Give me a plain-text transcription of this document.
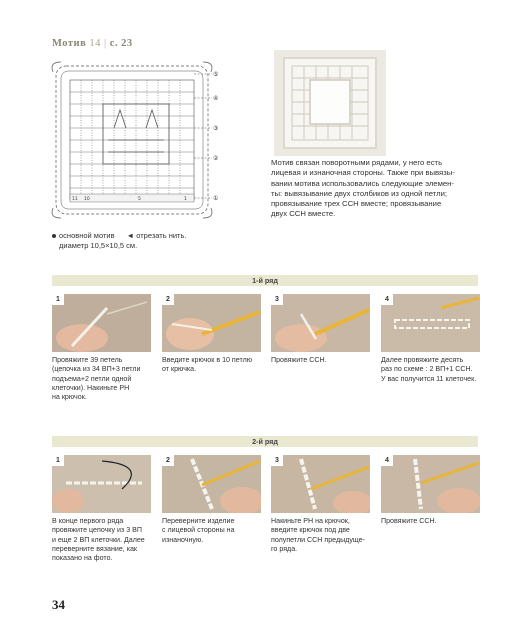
Мотив 14 | с. 23
⑤
④
③
②
①
11 10	5	1
основной мотив ◄ отрезать нить.
диаметр 10,5×10,5 см.
Мотив связан поворотными рядами, у него есть
лицевая и изнаночная стороны. Также при вывязы-
вании мотива использовались следующие элемен-
ты: вывязывание двух столбиков из одной петли;
провязывание трех ССН вместе; провязывание
двух ССН вместе.
1-й ряд
1
Провяжите 39 петель
(цепочка из 34 ВП+3 петли
подъема+2 петли одной
клеточки). Накиньте РН
на крючок.
2
Введите крючок в 10 петлю
от крючка.
3
Провяжите ССН.
4
Далее провяжите десять
раз по схеме : 2 ВП+1 ССН.
У вас получится 11 клеточек.
2-й ряд
1
В конце первого ряда
провяжите цепочку из 3 ВП
и еще 2 ВП клеточки. Далее
переверните вязание, как
показано на фото.
2
Переверните изделие
с лицевой стороны на
изнаночную.
3
Накиньте РН на крючок,
введите крючок под две
полупетли ССН предыдуще-
го ряда.
4
Провяжите ССН.
34
